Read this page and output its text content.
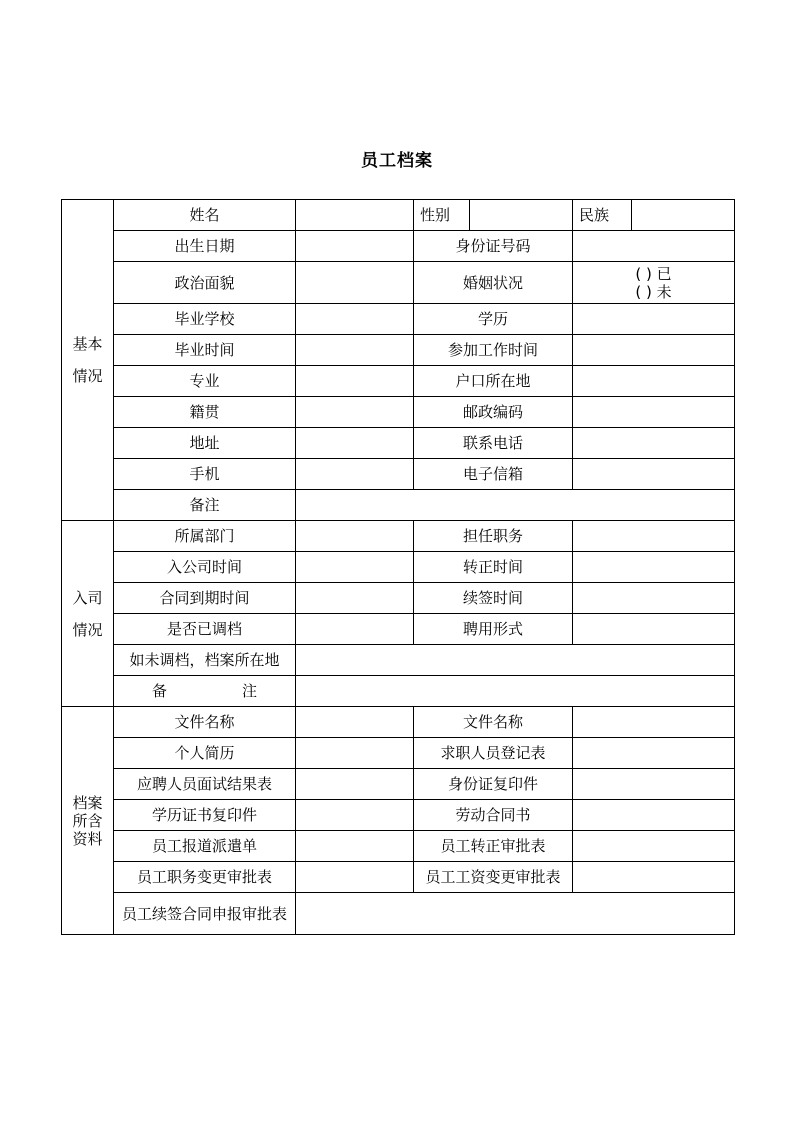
员工档案
基本
情况	姓名		性别		民族	
	出生日期		身份证号码			
	政治面貌		婚姻状况		( ) 已
( ) 未	

	毕业学校		学历			
	毕业时间		参加工作时间			
	专业		户口所在地			
	籍贯		邮政编码			
	地址		联系电话			
	手机		电子信箱			
	备注					

入司
情况	所属部门		担任职务			
	入公司时间		转正时间			
	合同到期时间		续签时间			
	是否已调档		聘用形式			
	如未调档，档案所在地					
	备 注					

档案
所含
资料	文件名称		文件名称			
	个人简历		求职人员登记表			
	应聘人员面试结果表		身份证复印件			
	学历证书复印件		劳动合同书			
	员工报道派遣单		员工转正审批表			
	员工职务变更审批表		员工工资变更审批表			
	员工续签合同申报审批表					
